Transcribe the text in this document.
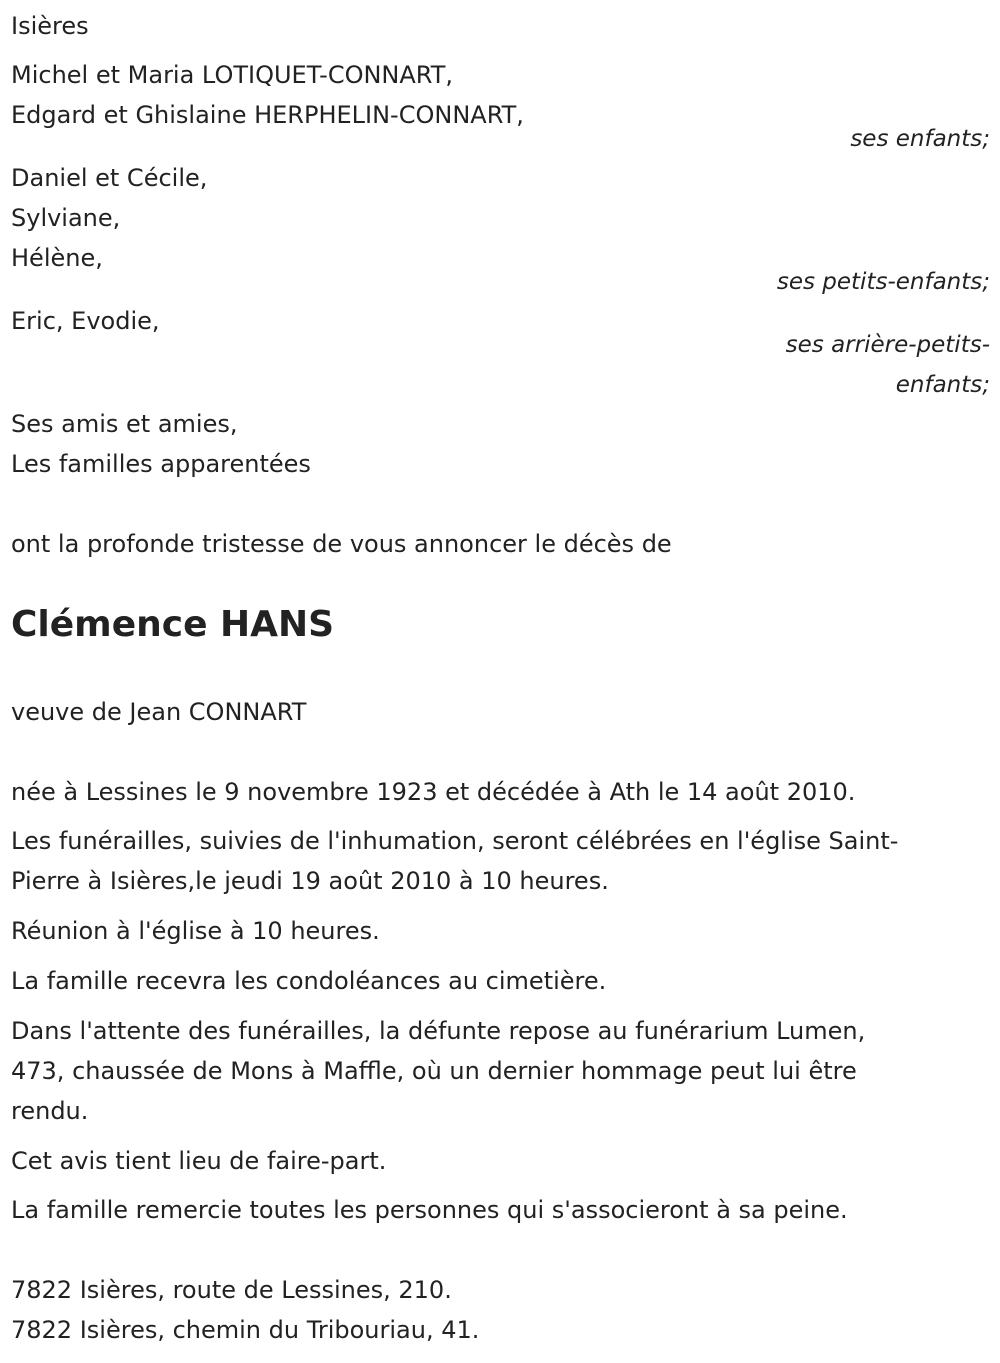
Isières
Michel et Maria LOTIQUET-CONNART,
Edgard et Ghislaine HERPHELIN-CONNART,
ses enfants;
Daniel et Cécile,
Sylviane,
Hélène,
ses petits-enfants;
Eric, Evodie,
ses arrière-petits-
enfants;
Ses amis et amies,
Les familles apparentées
ont la profonde tristesse de vous annoncer le décès de
Clémence HANS
veuve de Jean CONNART
née à Lessines le 9 novembre 1923 et décédée à Ath le 14 août 2010.
Les funérailles, suivies de l'inhumation, seront célébrées en l'église Saint-
Pierre à Isières,le jeudi 19 août 2010 à 10 heures.
Réunion à l'église à 10 heures.
La famille recevra les condoléances au cimetière.
Dans l'attente des funérailles, la défunte repose au funérarium Lumen,
473, chaussée de Mons à Maffle, où un dernier hommage peut lui être
rendu.
Cet avis tient lieu de faire-part.
La famille remercie toutes les personnes qui s'associeront à sa peine.
7822 Isières, route de Lessines, 210.
7822 Isières, chemin du Tribouriau, 41.
